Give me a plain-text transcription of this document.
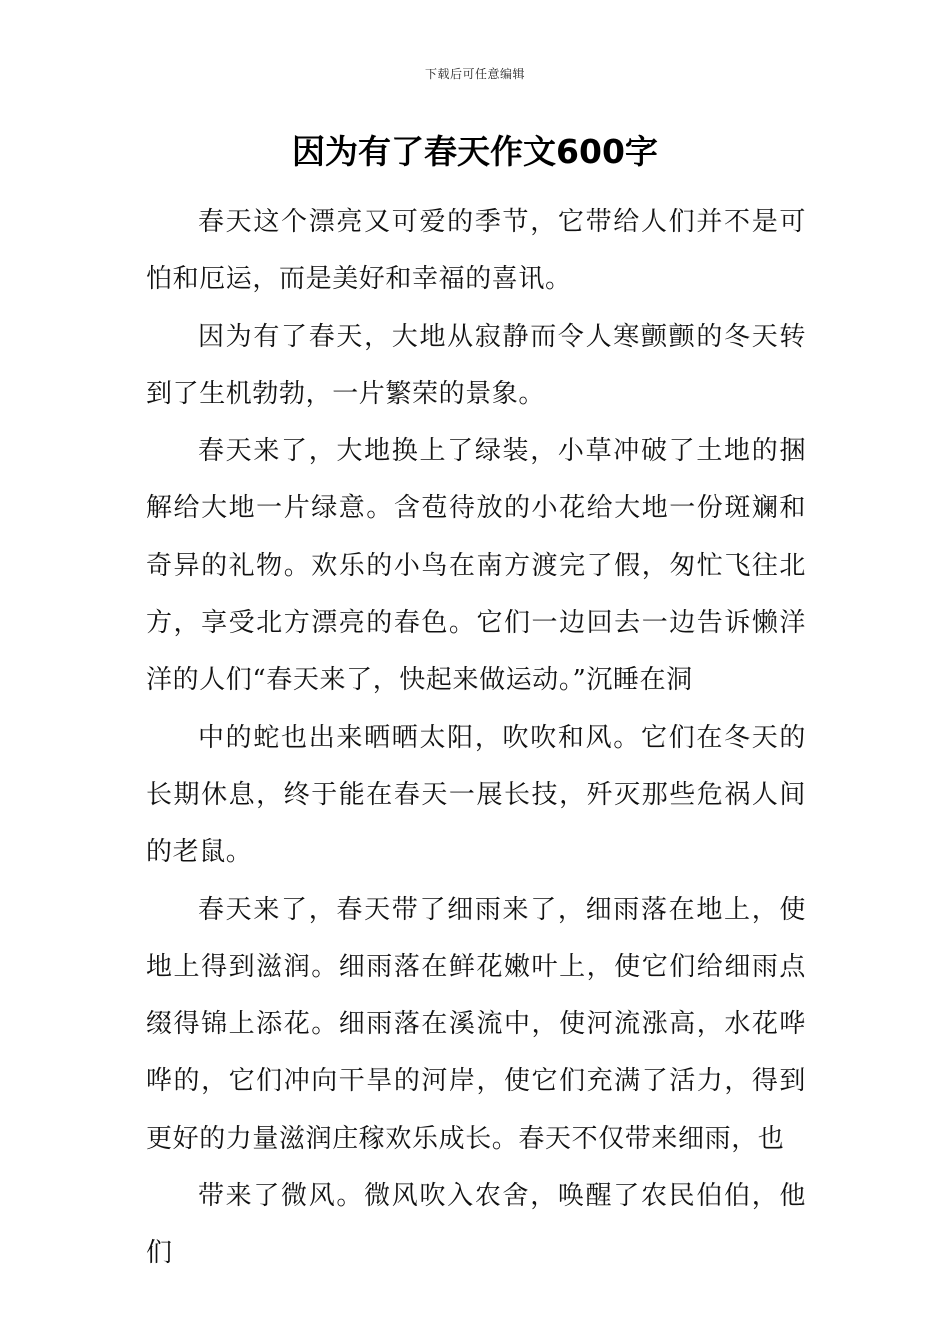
下载后可任意编辑
因为有了春天作文600字

春天这个漂亮又可爱的季节，它带给人们并不是可怕和厄运，而是美好和幸福的喜讯。

因为有了春天，大地从寂静而令人寒颤颤的冬天转到了生机勃勃，一片繁荣的景象。

春天来了，大地换上了绿装，小草冲破了土地的捆解给大地一片绿意。含苞待放的小花给大地一份斑斓和奇异的礼物。欢乐的小鸟在南方渡完了假，匆忙飞往北方，享受北方漂亮的春色。它们一边回去一边告诉懒洋洋的人们“春天来了，快起来做运动。”沉睡在洞

中的蛇也出来晒晒太阳，吹吹和风。它们在冬天的长期休息，终于能在春天一展长技，歼灭那些危祸人间的老鼠。

春天来了，春天带了细雨来了，细雨落在地上，使地上得到滋润。细雨落在鲜花嫩叶上，使它们给细雨点缀得锦上添花。细雨落在溪流中，使河流涨高，水花哗哗的，它们冲向干旱的河岸，使它们充满了活力，得到更好的力量滋润庄稼欢乐成长。春天不仅带来细雨，也

带来了微风。微风吹入农舍，唤醒了农民伯伯，他们
